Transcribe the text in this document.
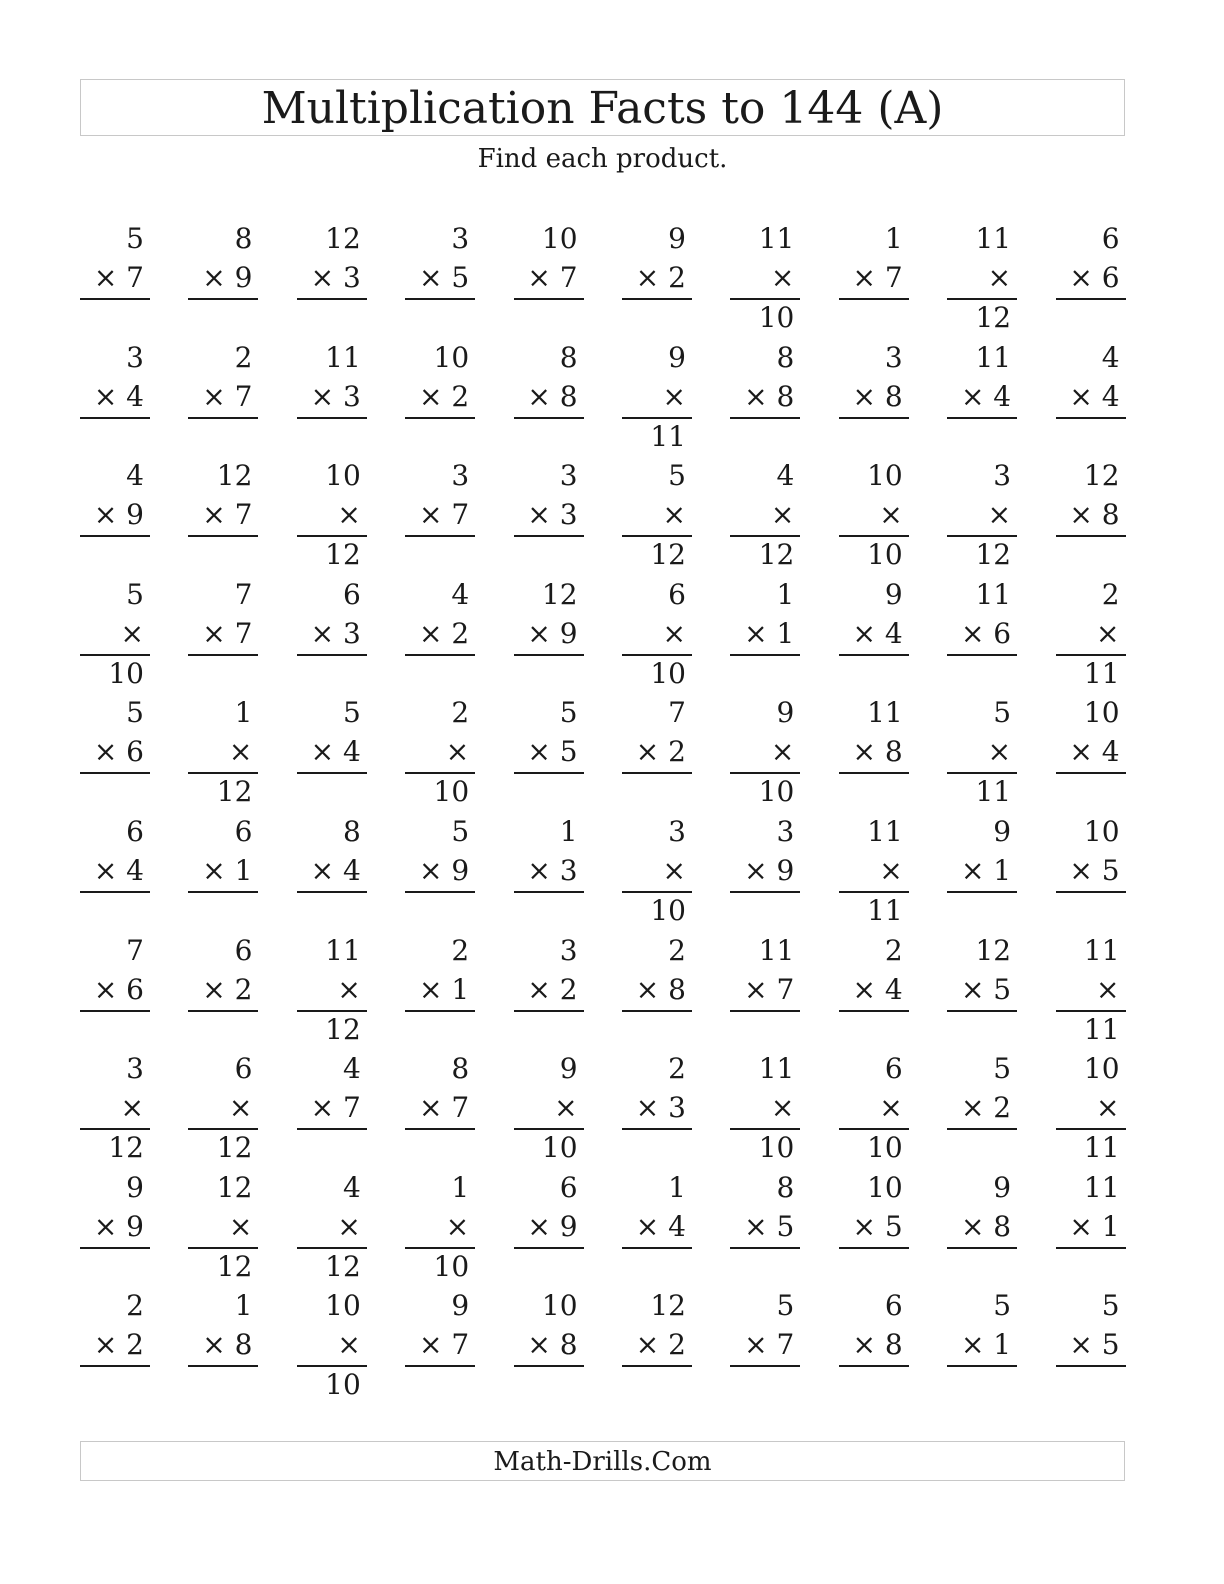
Multiplication Facts to 144 (A)
Find each product.
5
× 7
8
× 9
12
× 3
3
× 5
10
× 7
9
× 2
11
× 10
1
× 7
11
× 12
6
× 6
3
× 4
2
× 7
11
× 3
10
× 2
8
× 8
9
× 11
8
× 8
3
× 8
11
× 4
4
× 4
4
× 9
12
× 7
10
× 12
3
× 7
3
× 3
5
× 12
4
× 12
10
× 10
3
× 12
12
× 8
5
× 10
7
× 7
6
× 3
4
× 2
12
× 9
6
× 10
1
× 1
9
× 4
11
× 6
2
× 11
5
× 6
1
× 12
5
× 4
2
× 10
5
× 5
7
× 2
9
× 10
11
× 8
5
× 11
10
× 4
6
× 4
6
× 1
8
× 4
5
× 9
1
× 3
3
× 10
3
× 9
11
× 11
9
× 1
10
× 5
7
× 6
6
× 2
11
× 12
2
× 1
3
× 2
2
× 8
11
× 7
2
× 4
12
× 5
11
× 11
3
× 12
6
× 12
4
× 7
8
× 7
9
× 10
2
× 3
11
× 10
6
× 10
5
× 2
10
× 11
9
× 9
12
× 12
4
× 12
1
× 10
6
× 9
1
× 4
8
× 5
10
× 5
9
× 8
11
× 1
2
× 2
1
× 8
10
× 10
9
× 7
10
× 8
12
× 2
5
× 7
6
× 8
5
× 1
5
× 5
Math-Drills.Com
